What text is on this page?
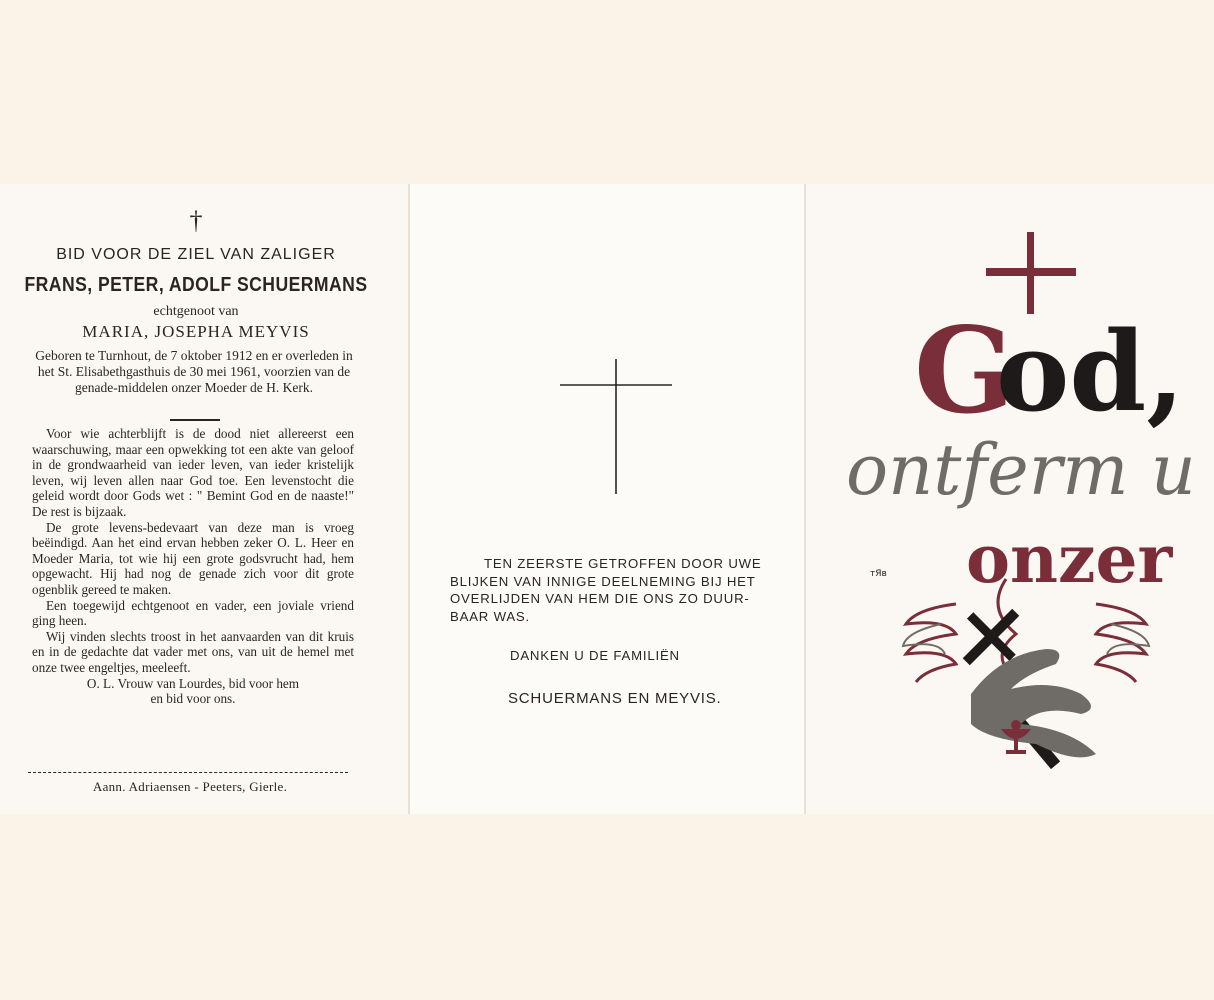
†
BID VOOR DE ZIEL VAN ZALIGER
FRANS, PETER, ADOLF SCHUERMANS
echtgenoot van
MARIA, JOSEPHA MEYVIS
Geboren te Turnhout, de 7 oktober 1912 en er overleden in het St. Elisabethgasthuis de 30 mei 1961, voorzien van de genade-middelen onzer Moeder de H. Kerk.

Voor wie achterblijft is de dood niet allereerst een waarschuwing, maar een opwekking tot een akte van geloof in de grondwaarheid van ieder leven, van ieder kristelijk leven, wij leven allen naar God toe. Een levenstocht die geleid wordt door Gods wet : " Bemint God en de naaste!" De rest is bijzaak.

De grote levens-bedevaart van deze man is vroeg beëindigd. Aan het eind ervan hebben zeker O. L. Heer en Moeder Maria, tot wie hij een grote godsvrucht had, hem opgewacht. Hij had nog de genade zich voor dit grote ogenblik gereed te maken.

Een toegewijd echtgenoot en vader, een joviale vriend ging heen.

Wij vinden slechts troost in het aanvaarden van dit kruis en in de gedachte dat vader met ons, van uit de hemel met onze twee engeltjes, meeleeft.

O. L. Vrouw van Lourdes, bid voor hem

en bid voor ons.

Aann. Adriaensen - Peeters, Gierle.
TEN ZEERSTE GETROFFEN DOOR UWE
BLIJKEN VAN INNIGE DEELNEMING BIJ HET
OVERLIJDEN VAN HEM DIE ONS ZO DUUR-
BAAR WAS.
DANKEN U DE FAMILIËN
SCHUERMANS EN MEYVIS.
G
od,
ontferm u
onzer
тЯв
